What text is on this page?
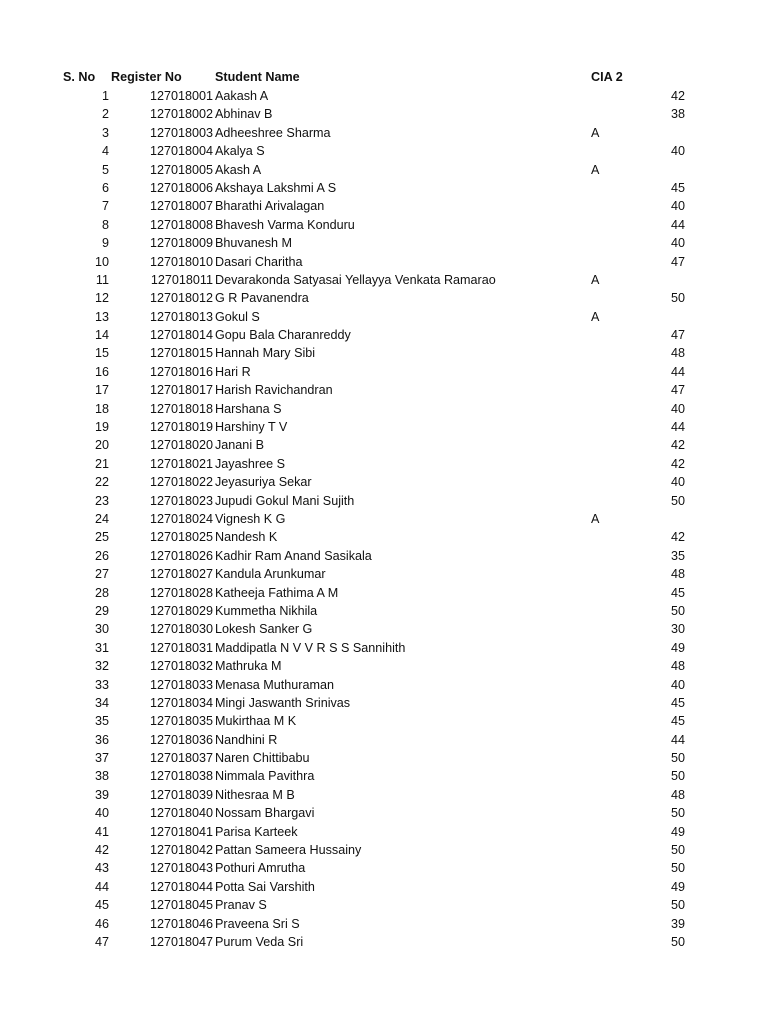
S. No Register No	Student Name	CIA 2
1	127018001 Aakash A	42
2	127018002 Abhinav B	38
3	127018003 Adheeshree Sharma	A
4	127018004 Akalya S	40
5	127018005 Akash A	A
6	127018006 Akshaya Lakshmi A S	45
7	127018007 Bharathi Arivalagan	40
8	127018008 Bhavesh Varma Konduru	44
9	127018009 Bhuvanesh M	40
10	127018010 Dasari Charitha	47
11	127018011 Devarakonda Satyasai Yellayya Venkata Ramarao	A
12	127018012 G R Pavanendra	50
13	127018013 Gokul S	A
14	127018014 Gopu Bala Charanreddy	47
15	127018015 Hannah Mary Sibi	48
16	127018016 Hari R	44
17	127018017 Harish Ravichandran	47
18	127018018 Harshana S	40
19	127018019 Harshiny T V	44
20	127018020 Janani B	42
21	127018021 Jayashree S	42
22	127018022 Jeyasuriya Sekar	40
23	127018023 Jupudi Gokul Mani Sujith	50
24	127018024 Vignesh K G	A
25	127018025 Nandesh K	42
26	127018026 Kadhir Ram Anand Sasikala	35
27	127018027 Kandula Arunkumar	48
28	127018028 Katheeja Fathima A M	45
29	127018029 Kummetha Nikhila	50
30	127018030 Lokesh Sanker G	30
31	127018031 Maddipatla N V V R S S Sannihith	49
32	127018032 Mathruka M	48
33	127018033 Menasa Muthuraman	40
34	127018034 Mingi Jaswanth Srinivas	45
35	127018035 Mukirthaa M K	45
36	127018036 Nandhini R	44
37	127018037 Naren Chittibabu	50
38	127018038 Nimmala Pavithra	50
39	127018039 Nithesraa M B	48
40	127018040 Nossam Bhargavi	50
41	127018041 Parisa Karteek	49
42	127018042 Pattan Sameera Hussainy	50
43	127018043 Pothuri Amrutha	50
44	127018044 Potta Sai Varshith	49
45	127018045 Pranav S	50
46	127018046 Praveena Sri S	39
47	127018047 Purum Veda Sri	50
